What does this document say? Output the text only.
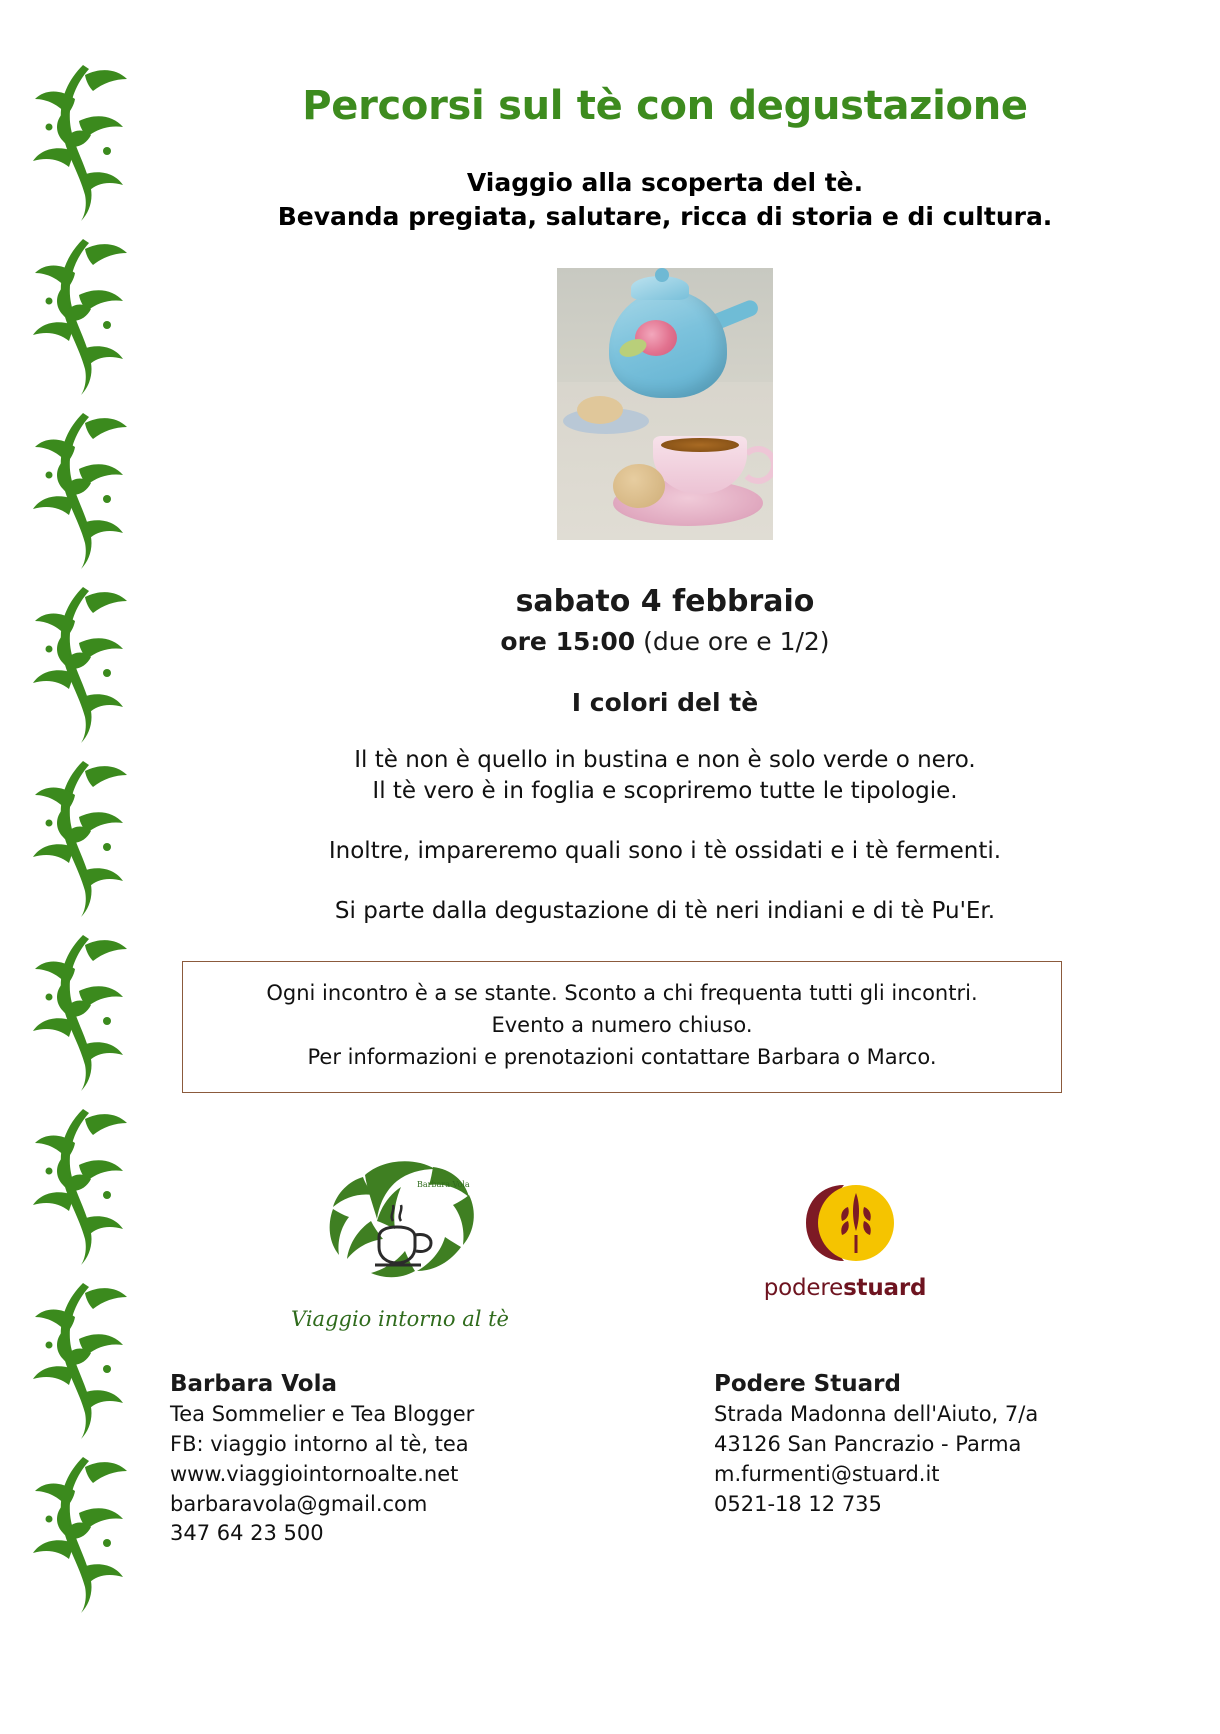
Percorsi sul tè con degustazione
Viaggio alla scoperta del tè.
Bevanda pregiata, salutare, ricca di storia e di cultura.
sabato 4 febbraio
ore 15:00 (due ore e 1/2)
I colori del tè
Il tè non è quello in bustina e non è solo verde o nero.
Il tè vero è in foglia e scopriremo tutte le tipologie.
Inoltre, impareremo quali sono i tè ossidati e i tè fermenti.
Si parte dalla degustazione di tè neri indiani e di tè Pu'Er.
Ogni incontro è a se stante. Sconto a chi frequenta tutti gli incontri.
Evento a numero chiuso.
Per informazioni e prenotazioni contattare Barbara o Marco.
Barbara Vola
Viaggio intorno al tè
poderestuard
Barbara Vola
Tea Sommelier e Tea Blogger
FB: viaggio intorno al tè, tea
www.viaggiointornoalte.net
barbaravola@gmail.com
347 64 23 500
Podere Stuard
Strada Madonna dell'Aiuto, 7/a
43126 San Pancrazio - Parma
m.furmenti@stuard.it
0521-18 12 735
